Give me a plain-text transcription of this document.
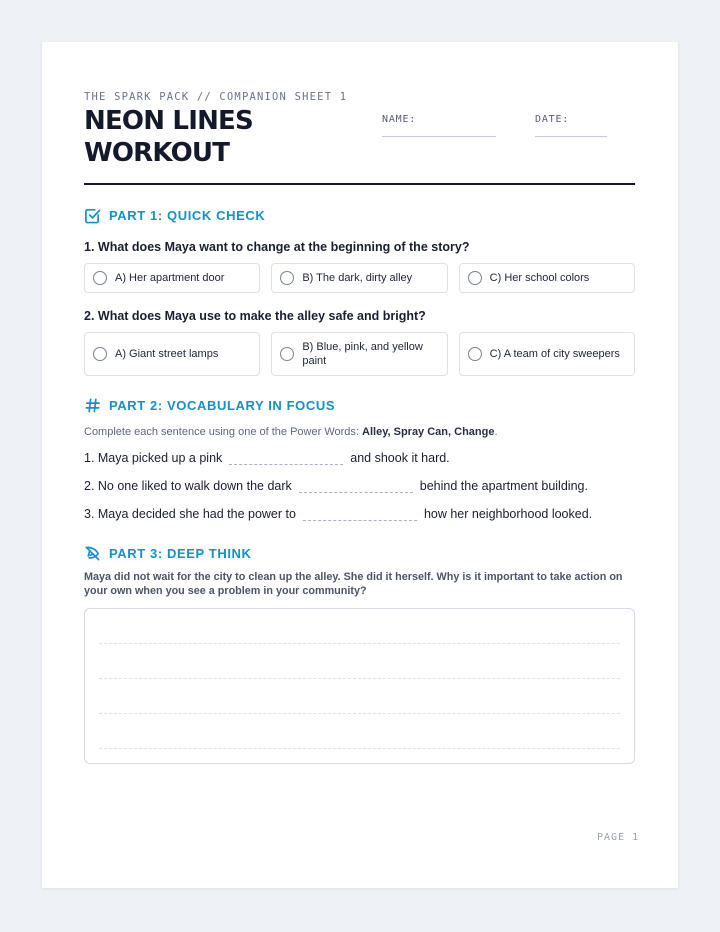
THE SPARK PACK // COMPANION SHEET 1
NEON LINES WORKOUT
NAME:	DATE:
PART 1: QUICK CHECK
1. What does Maya want to change at the beginning of the story?
A) Her apartment door	B) The dark, dirty alley	C) Her school colors
2. What does Maya use to make the alley safe and bright?
A) Giant street lamps
B) Blue, pink, and yellow paint
C) A team of city sweepers
PART 2: VOCABULARY IN FOCUS
Complete each sentence using one of the Power Words: Alley, Spray Can, Change.
1. Maya picked up a pink	and shook it hard.
2. No one liked to walk down the dark	behind the apartment building.
3. Maya decided she had the power to	how her neighborhood looked.
PART 3: DEEP THINK
Maya did not wait for the city to clean up the alley. She did it herself. Why is it important to take action on your own when you see a problem in your community?
PAGE 1
